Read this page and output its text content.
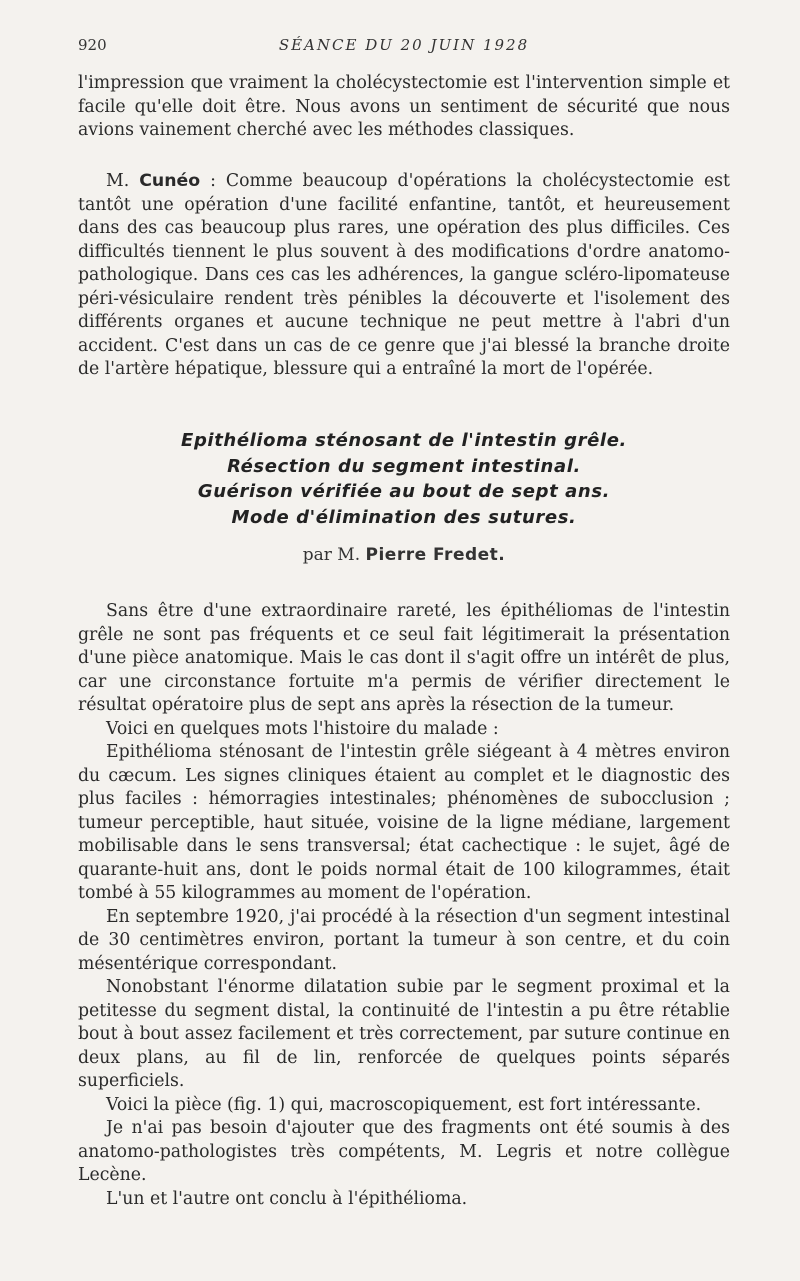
920	SÉANCE DU 20 JUIN 1928

l'impression que vraiment la cholécystectomie est l'intervention simple et facile qu'elle doit être. Nous avons un sentiment de sécurité que nous avions vainement cherché avec les méthodes classiques.

M. Cunéo : Comme beaucoup d'opérations la cholécystectomie est tantôt une opération d'une facilité enfantine, tantôt, et heureusement dans des cas beaucoup plus rares, une opération des plus difficiles. Ces difficultés tiennent le plus souvent à des modifications d'ordre anatomo-pathologique. Dans ces cas les adhérences, la gangue scléro-lipomateuse péri-vésiculaire rendent très pénibles la découverte et l'isolement des différents organes et aucune technique ne peut mettre à l'abri d'un accident. C'est dans un cas de ce genre que j'ai blessé la branche droite de l'artère hépatique, blessure qui a entraîné la mort de l'opérée.

Epithélioma sténosant de l'intestin grêle.
Résection du segment intestinal.
Guérison vérifiée au bout de sept ans.
Mode d'élimination des sutures.
par M. Pierre Fredet.

Sans être d'une extraordinaire rareté, les épithéliomas de l'intestin grêle ne sont pas fréquents et ce seul fait légitimerait la présentation d'une pièce anatomique. Mais le cas dont il s'agit offre un intérêt de plus, car une circonstance fortuite m'a permis de vérifier directement le résultat opératoire plus de sept ans après la résection de la tumeur.

Voici en quelques mots l'histoire du malade :

Epithélioma sténosant de l'intestin grêle siégeant à 4 mètres environ du cæcum. Les signes cliniques étaient au complet et le diagnostic des plus faciles : hémorragies intestinales; phénomènes de subocclusion ; tumeur perceptible, haut située, voisine de la ligne médiane, largement mobilisable dans le sens transversal; état cachectique : le sujet, âgé de quarante-huit ans, dont le poids normal était de 100 kilogrammes, était tombé à 55 kilogrammes au moment de l'opération.

En septembre 1920, j'ai procédé à la résection d'un segment intestinal de 30 centimètres environ, portant la tumeur à son centre, et du coin mésentérique correspondant.

Nonobstant l'énorme dilatation subie par le segment proximal et la petitesse du segment distal, la continuité de l'intestin a pu être rétablie bout à bout assez facilement et très correctement, par suture continue en deux plans, au fil de lin, renforcée de quelques points séparés superficiels.

Voici la pièce (fig. 1) qui, macroscopiquement, est fort intéressante.

Je n'ai pas besoin d'ajouter que des fragments ont été soumis à des anatomo-pathologistes très compétents, M. Legris et notre collègue Lecène.

L'un et l'autre ont conclu à l'épithélioma.
